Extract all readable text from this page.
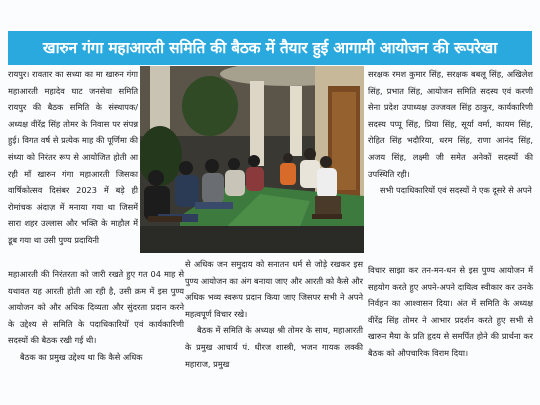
खारुन गंगा महाआरती समिति की बैठक में तैयार हुई आगामी आयोजन की रूपरेखा

रायपुर। रावतार का सध्या का मा खारुन गंगा महाआरती महादेव घाट जनसेवा समिति रायपुर की बैठक समिति के संस्थापक/अध्यक्ष वीरेंद्र सिंह तोमर के निवास पर संपन्न हुई। विगत वर्ष से प्रत्येक माह की पूर्णिमा की संध्या को निरंतर रूप से आयोजित होती आ रही माँ खारुन गंगा महाआरती जिसका वार्षिकोत्सव दिसंबर 2023 में बड़े ही रोमांचक अंदाज़ में मनाया गया था जिसमें सारा शहर उल्लास और भक्ति के माहौल में डूब गया था उसी पुण्य प्रदायिनी

महाआरती की निरंतरता को जारी रखते हुए गत 04 माह से यथावत यह आरती होती आ रही है, उसी क्रम में इस पुण्य आयोजन को और अधिक दिव्यता और सुंदरता प्रदान करने के उद्देश्य से समिति के पदाधिकारियों एवं कार्यकारिणी सदस्यों की बैठक रखी गई थी।

बैठक का प्रमुख उद्देश्य था कि कैसे अधिक

से अधिक जन समुदाय को सनातन धर्म से जोड़े रखकर इस पुण्य आयोजन का अंग बनाया जाए और आरती को कैसे और अधिक भव्य स्वरूप प्रदान किया जाए जिसपर सभी ने अपने महत्वपूर्ण विचार रखे।

बैठक में समिति के अध्यक्ष श्री तोमर के साथ, महाआरती के प्रमुख आचार्य पं. धीरज शास्त्री, भजन गायक लक्की महाराज, प्रमुख

सरक्षक रमश कुमार सिंह, सरक्षक बबलू सिंह, अखिलेश सिंह, प्रभात सिंह, आयोजन समिति सदस्य एवं करणी सेना प्रदेश उपाध्यक्ष उज्जवल सिंह ठाकुर, कार्यकारिणी सदस्य पप्पू सिंह, प्रिया सिंह, सूर्या वर्मा, कायम सिंह, रोहित सिंह भदौरिया, धरम सिंह, राणा आनंद सिंह, अजय सिंह, लक्ष्मी जी समेत अनेकों सदस्यों की उपस्थिति रही।

सभी पदाधिकारियों एवं सदस्यों ने एक दूसरे से अपने

विचार साझा कर तन-मन-धन से इस पुण्य आयोजन में सहयोग करते हुए अपने-अपने दायित्व स्वीकार कर उनके निर्वहन का आश्वासन दिया। अंत में समिति के अध्यक्ष वीरेंद्र सिंह तोमर ने आभार प्रदर्शन करते हुए सभी से खारुन मैया के प्रति हृदय से समर्पित होने की प्रार्थना कर बैठक को औपचारिक विराम दिया।
